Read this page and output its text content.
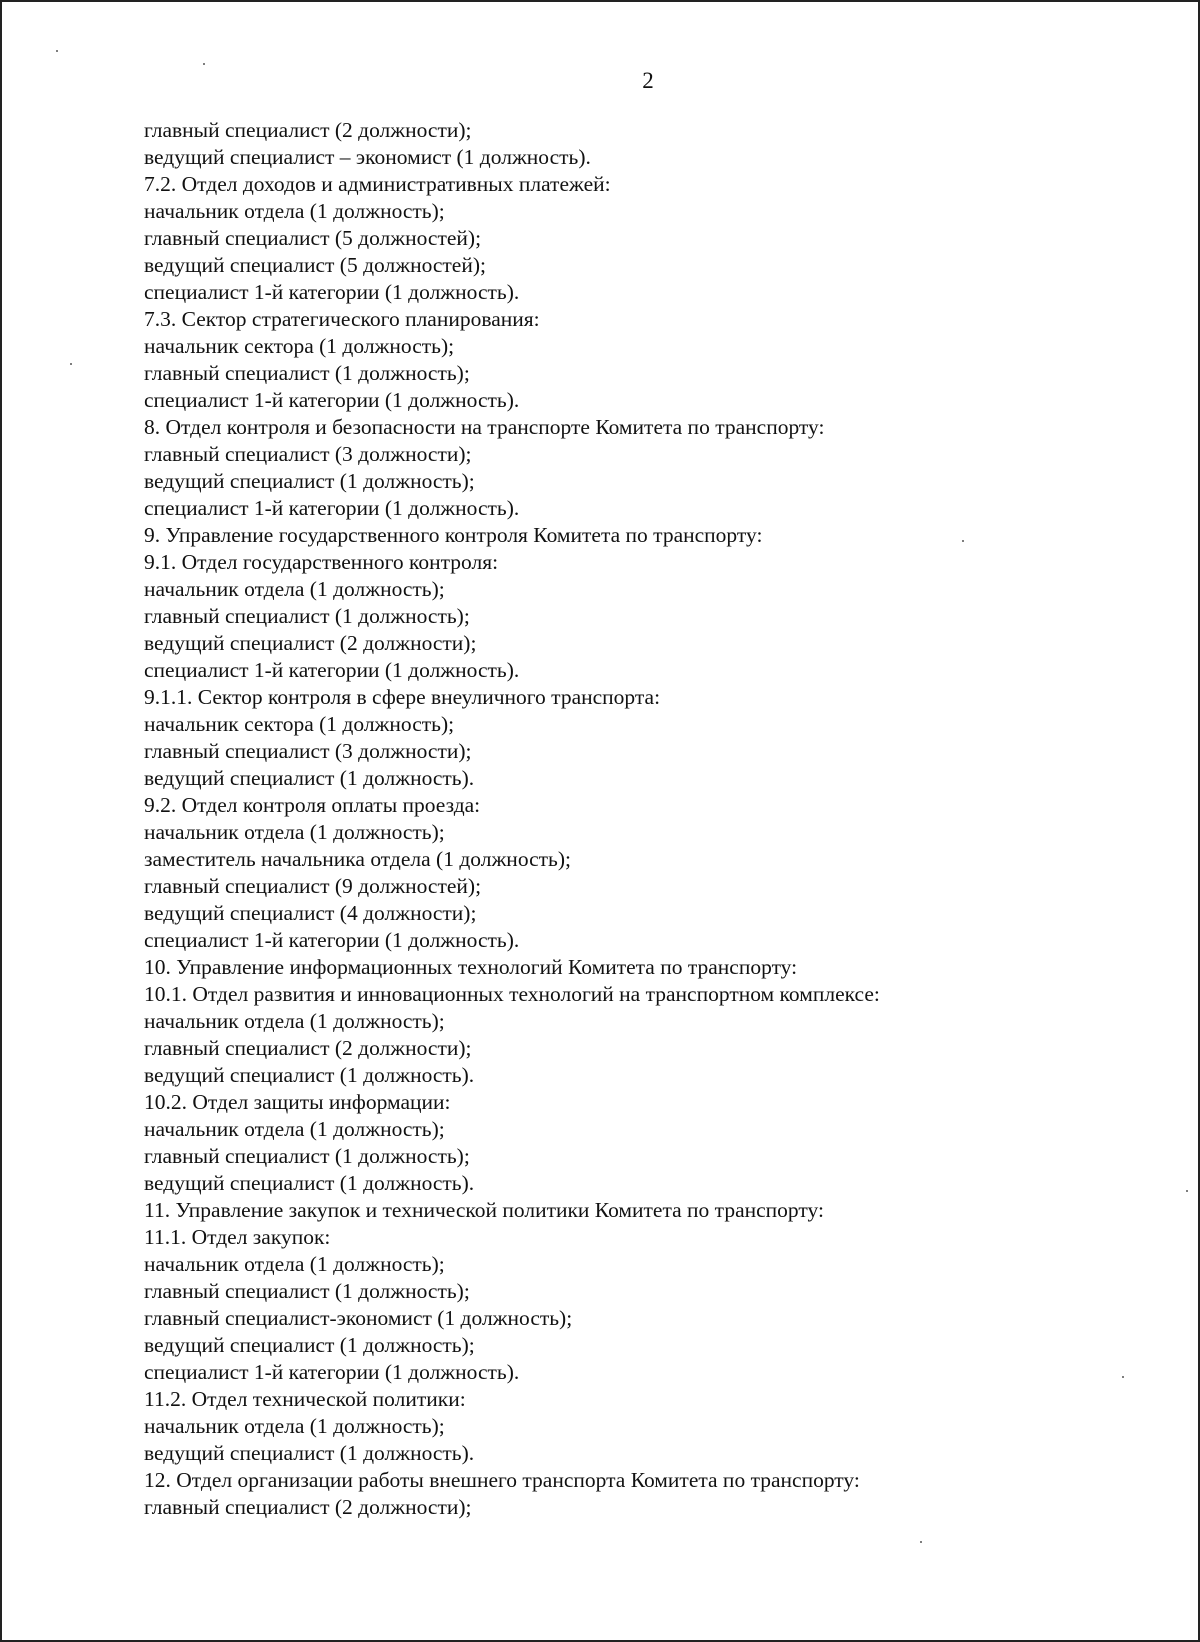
2
главный специалист (2 должности);
ведущий специалист – экономист (1 должность).
7.2. Отдел доходов и административных платежей:
начальник отдела (1 должность);
главный специалист (5 должностей);
ведущий специалист (5 должностей);
специалист 1-й категории (1 должность).
7.3. Сектор стратегического планирования:
начальник сектора (1 должность);
главный специалист (1 должность);
специалист 1-й категории (1 должность).
8. Отдел контроля и безопасности на транспорте Комитета по транспорту:
главный специалист (3 должности);
ведущий специалист (1 должность);
специалист 1-й категории (1 должность).
9. Управление государственного контроля Комитета по транспорту:
9.1. Отдел государственного контроля:
начальник отдела (1 должность);
главный специалист (1 должность);
ведущий специалист (2 должности);
специалист 1-й категории (1 должность).
9.1.1. Сектор контроля в сфере внеуличного транспорта:
начальник сектора (1 должность);
главный специалист (3 должности);
ведущий специалист (1 должность).
9.2. Отдел контроля оплаты проезда:
начальник отдела (1 должность);
заместитель начальника отдела (1 должность);
главный специалист (9 должностей);
ведущий специалист (4 должности);
специалист 1-й категории (1 должность).
10. Управление информационных технологий Комитета по транспорту:
10.1. Отдел развития и инновационных технологий на транспортном комплексе:
начальник отдела (1 должность);
главный специалист (2 должности);
ведущий специалист (1 должность).
10.2. Отдел защиты информации:
начальник отдела (1 должность);
главный специалист (1 должность);
ведущий специалист (1 должность).
11. Управление закупок и технической политики Комитета по транспорту:
11.1. Отдел закупок:
начальник отдела (1 должность);
главный специалист (1 должность);
главный специалист-экономист (1 должность);
ведущий специалист (1 должность);
специалист 1-й категории (1 должность).
11.2. Отдел технической политики:
начальник отдела (1 должность);
ведущий специалист (1 должность).
12. Отдел организации работы внешнего транспорта Комитета по транспорту:
главный специалист (2 должности);
